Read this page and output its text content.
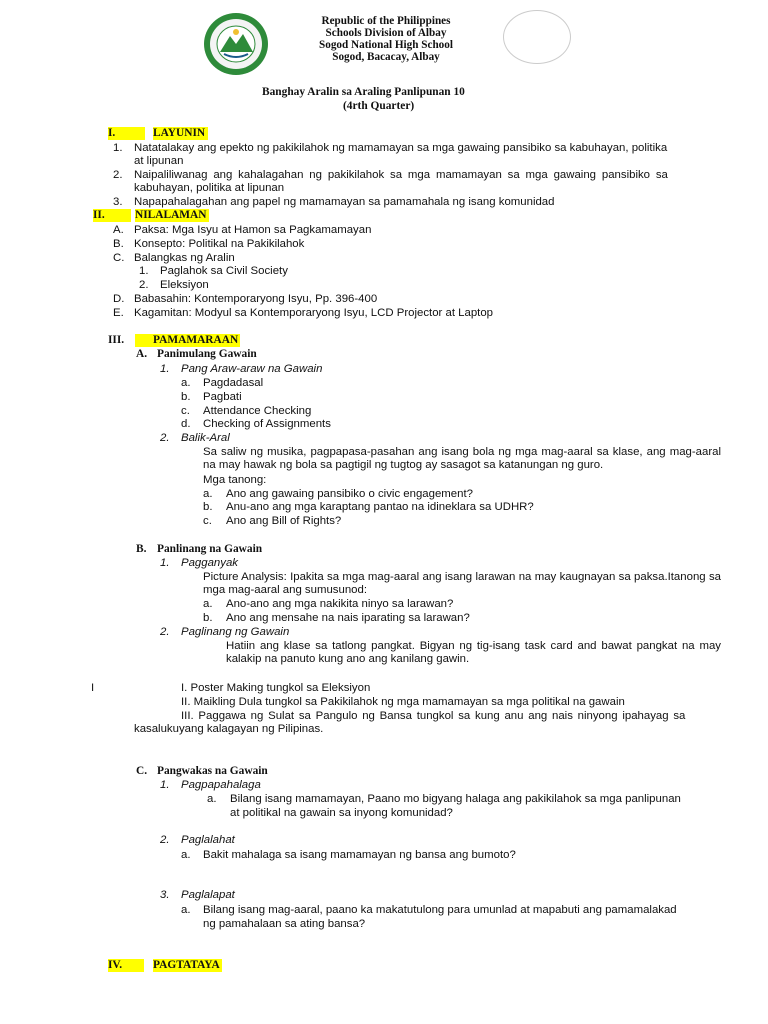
Republic of the Philippines
Schools Division of Albay
Sogod National High School
Sogod, Bacacay, Albay
Banghay Aralin sa Araling Panlipunan 10
(4rth Quarter)
I.	LAYUNIN
1. Natatalakay ang epekto ng pakikilahok ng mamamayan sa mga gawaing pansibiko sa kabuhayan, politika
at lipunan
2. Naipaliliwanag ang kahalagahan ng pakikilahok sa mga mamamayan sa mga gawaing pansibiko sa
kabuhayan, politika at lipunan
3. Napapahalagahan ang papel ng mamamayan sa pamamahala ng isang komunidad
II.	NILALAMAN
A. Paksa: Mga Isyu at Hamon sa Pagkamamayan
B. Konsepto: Politikal na Pakikilahok
C. Balangkas ng Aralin
1. Paglahok sa Civil Society
2. Eleksiyon
D. Babasahin: Kontemporaryong Isyu, Pp. 396-400
E. Kagamitan: Modyul sa Kontemporaryong Isyu, LCD Projector at Laptop
III.	PAMAMARAAN
A. Panimulang Gawain
1. Pang Araw-araw na Gawain
a. Pagdadasal
b. Pagbati
c. Attendance Checking
d. Checking of Assignments
2. Balik-Aral
Sa saliw ng musika, pagpapasa-pasahan ang isang bola ng mga mag-aaral sa klase, ang mag-aaral na may hawak ng bola sa pagtigil ng tugtog ay sasagot sa katanungan ng guro.
Mga tanong:
a. Ano ang gawaing pansibiko o civic engagement?
b. Anu-ano ang mga karaptang pantao na idineklara sa UDHR?
c. Ano ang Bill of Rights?
B. Panlinang na Gawain
1. Pagganyak
Picture Analysis: Ipakita sa mga mag-aaral ang isang larawan na may kaugnayan sa paksa.Itanong sa mga mag-aaral ang sumusunod:
a. Ano-ano ang mga nakikita ninyo sa larawan?
b. Ano ang mensahe na nais iparating sa larawan?
2. Paglinang ng Gawain
Hatiin ang klase sa tatlong pangkat. Bigyan ng tig-isang task card and bawat pangkat na may kalakip na panuto kung ano ang kanilang gawin.
I	I. Poster Making tungkol sa Eleksiyon
II. Maikling Dula tungkol sa Pakikilahok ng mga mamamayan sa mga politikal na gawain
III. Paggawa ng Sulat sa Pangulo ng Bansa tungkol sa kung anu ang nais ninyong ipahayag sa
kasalukuyang kalagayan ng Pilipinas.
C. Pangwakas na Gawain
1. Pagpapahalaga
a. Bilang isang mamamayan, Paano mo bigyang halaga ang pakikilahok sa mga panlipunan
at politikal na gawain sa inyong komunidad?
2. Paglalahat
a. Bakit mahalaga sa isang mamamayan ng bansa ang bumoto?
3. Paglalapat
a. Bilang isang mag-aaral, paano ka makatutulong para umunlad at mapabuti ang pamamalakad
ng pamahalaan sa ating bansa?
IV.	PAGTATAYA
